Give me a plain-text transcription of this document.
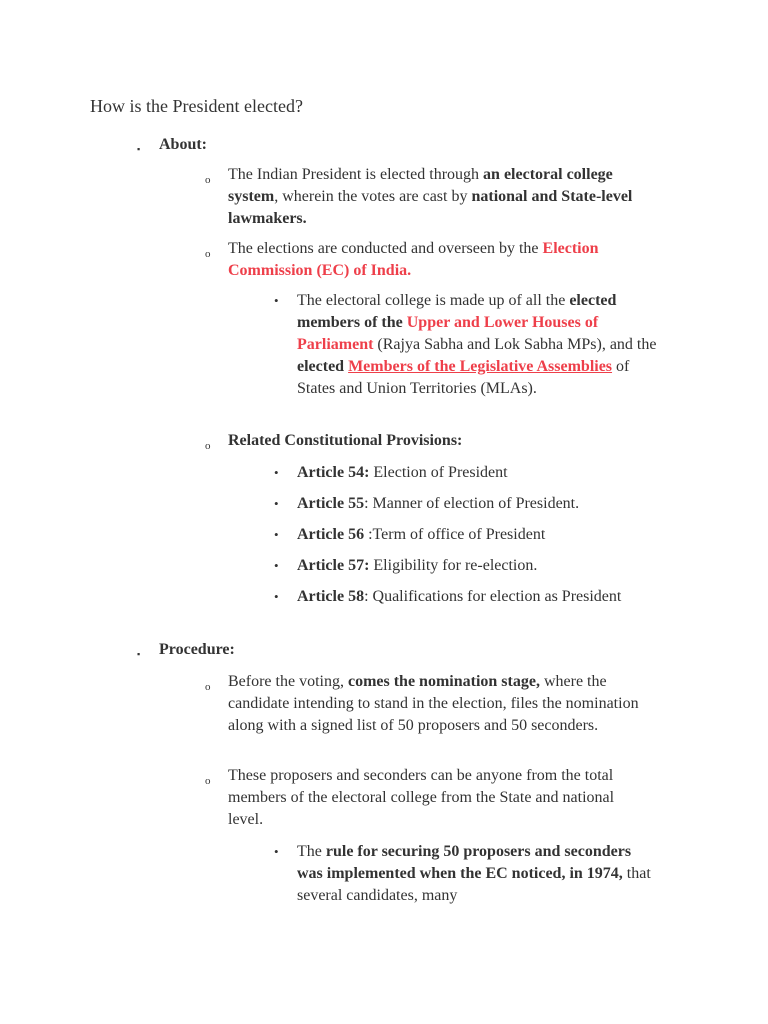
How is the President elected?
▪ About:
o The Indian President is elected through an electoral college system, wherein the votes are cast by national and State-level lawmakers.

o The elections are conducted and overseen by the Election Commission (EC) of India.

• The electoral college is made up of all the elected members of the Upper and Lower Houses of Parliament (Rajya Sabha and Lok Sabha MPs), and the elected Members of the Legislative Assemblies of States and Union Territories (MLAs).

o Related Constitutional Provisions:
• Article 54: Election of President

• Article 55: Manner of election of President.

• Article 56 :Term of office of President

• Article 57: Eligibility for re-election.

• Article 58: Qualifications for election as President

▪ Procedure:
o Before the voting, comes the nomination stage, where the candidate intending to stand in the election, files the nomination along with a signed list of 50 proposers and 50 seconders.

o These proposers and seconders can be anyone from the total members of the electoral college from the State and national level.

• The rule for securing 50 proposers and seconders was implemented when the EC noticed, in 1974, that several candidates, many
